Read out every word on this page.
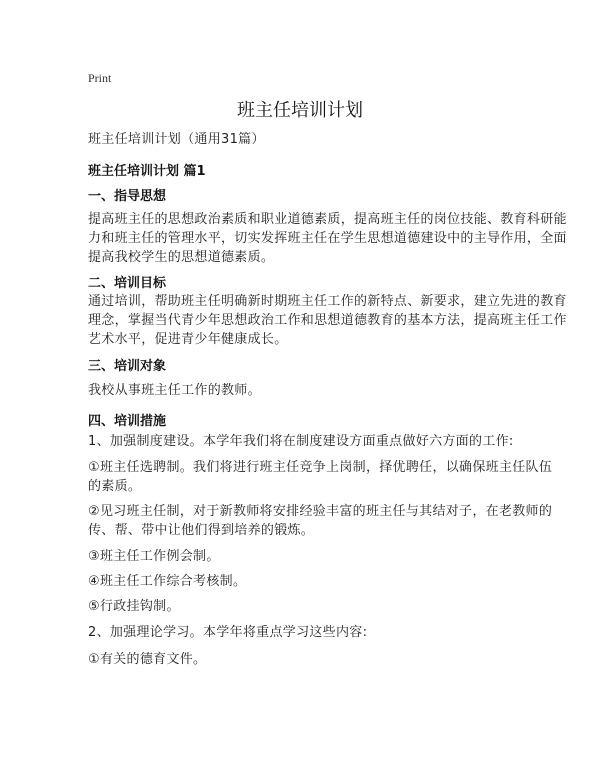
Print
班主任培训计划
班主任培训计划（通用31篇）
班主任培训计划 篇1
一、指导思想
提高班主任的思想政治素质和职业道德素质，提高班主任的岗位技能、教育科研能
力和班主任的管理水平，切实发挥班主任在学生思想道德建设中的主导作用，全面
提高我校学生的思想道德素质。
二、培训目标
通过培训，帮助班主任明确新时期班主任工作的新特点、新要求，建立先进的教育
理念，掌握当代青少年思想政治工作和思想道德教育的基本方法，提高班主任工作
艺术水平，促进青少年健康成长。
三、培训对象
我校从事班主任工作的教师。
四、培训措施
1、加强制度建设。本学年我们将在制度建设方面重点做好六方面的工作:
①班主任选聘制。我们将进行班主任竞争上岗制，择优聘任，以确保班主任队伍
的素质。
②见习班主任制，对于新教师将安排经验丰富的班主任与其结对子，在老教师的
传、帮、带中让他们得到培养的锻炼。
③班主任工作例会制。
④班主任工作综合考核制。
⑤行政挂钩制。
2、加强理论学习。本学年将重点学习这些内容:
①有关的德育文件。
